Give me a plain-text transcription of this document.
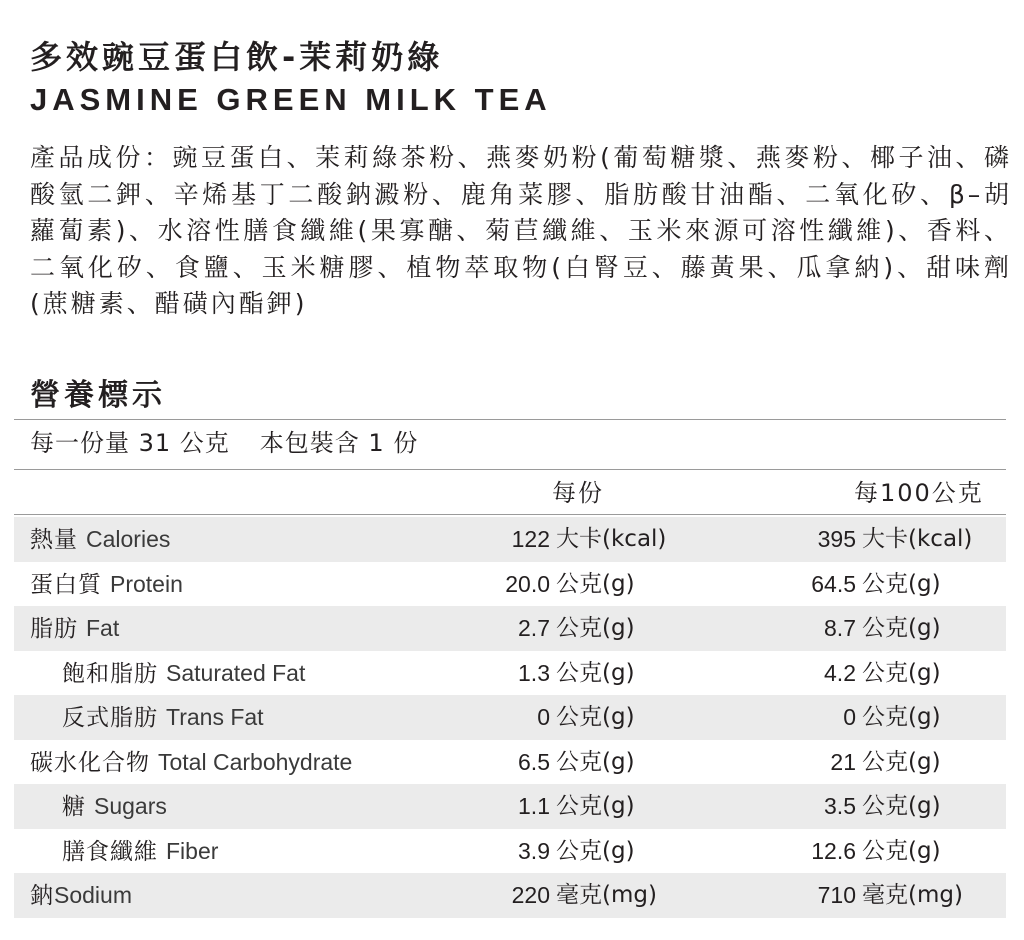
多效豌豆蛋白飲-茉莉奶綠
JASMINE GREEN MILK TEA
產品成份：豌豆蛋白、茉莉綠茶粉、燕麥奶粉(葡萄糖漿、燕麥粉、椰子油、磷酸氫二鉀、辛烯基丁二酸鈉澱粉、鹿角菜膠、脂肪酸甘油酯、二氧化矽、β–胡蘿蔔素)、水溶性膳食纖維(果寡醣、菊苣纖維、玉米來源可溶性纖維)、香料、二氧化矽、食鹽、玉米糖膠、植物萃取物(白腎豆、藤黃果、瓜拿納)、甜味劑(蔗糖素、醋磺內酯鉀)
營養標示
每一份量 31 公克 本包裝含 1 份
每份	每100公克
熱量 Calories	122 大卡(kcal)	395 大卡(kcal)
蛋白質 Protein	20.0 公克(g)	64.5 公克(g)
脂肪 Fat	2.7 公克(g)	8.7 公克(g)
飽和脂肪 Saturated Fat	1.3 公克(g)	4.2 公克(g)
反式脂肪 Trans Fat	0 公克(g)	0 公克(g)
碳水化合物 Total Carbohydrate	6.5 公克(g)	21 公克(g)
糖 Sugars	1.1 公克(g)	3.5 公克(g)
膳食纖維 Fiber	3.9 公克(g)	12.6 公克(g)
鈉Sodium	220 毫克(mg)	710 毫克(mg)
